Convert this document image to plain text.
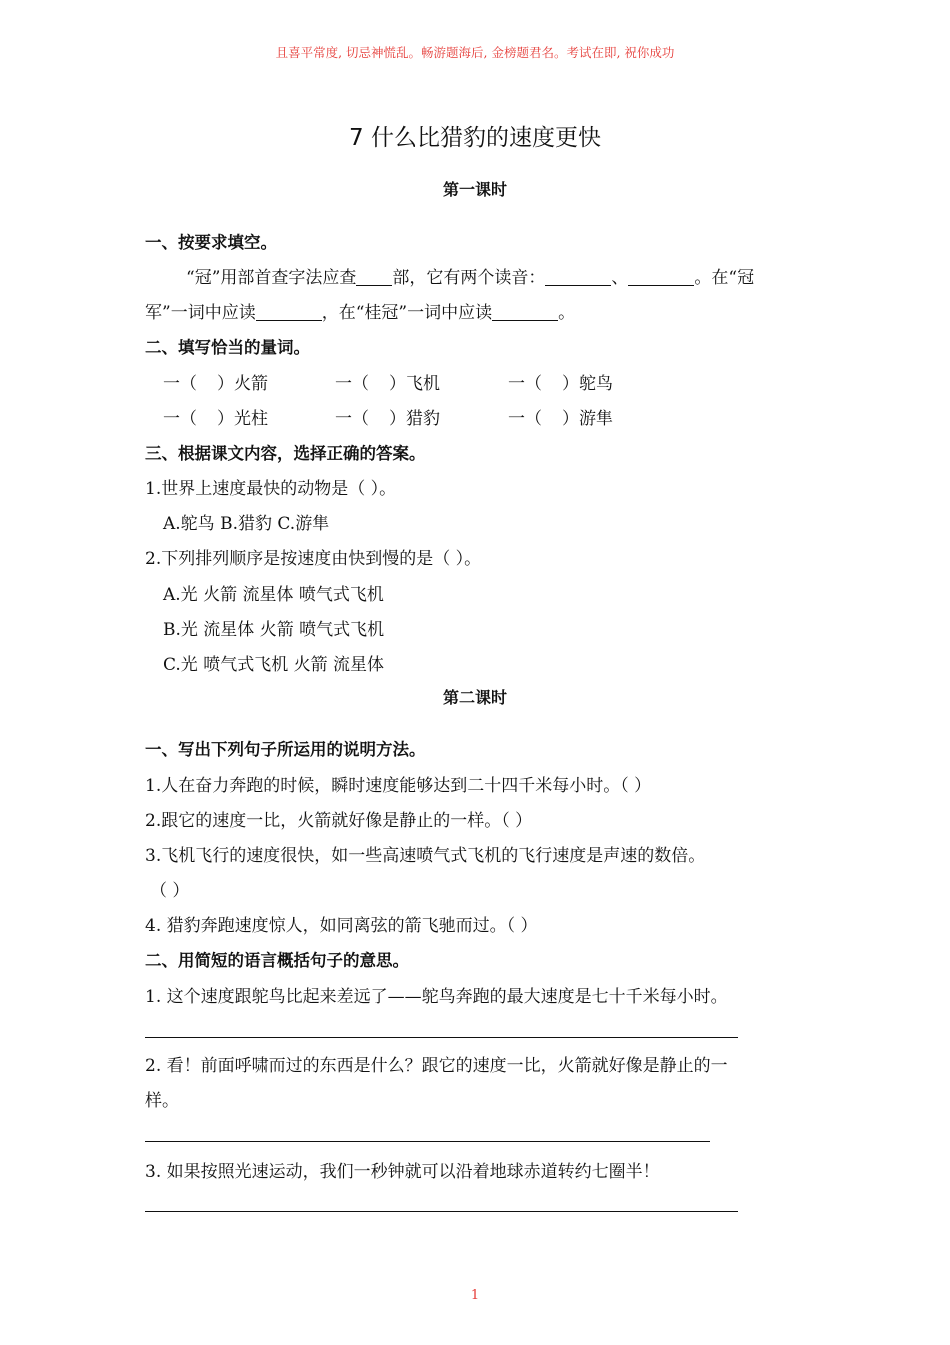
且喜平常度, 切忌神慌乱。畅游题海后, 金榜题君名。考试在即, 祝你成功
7 什么比猎豹的速度更快
第一课时
一、按要求填空。
“冠”用部首查字法应查 部，它有两个读音：	、	。在“冠
军”一词中应读	，在“桂冠”一词中应读	。
二、填写恰当的量词。
一（ ）火箭	一（ ）飞机	一（ ）鸵鸟
一（ ）光柱	一（ ）猎豹	一（ ）游隼
三、根据课文内容，选择正确的答案。
1.世界上速度最快的动物是（ ）。
A.鸵鸟 B.猎豹 C.游隼
2.下列排列顺序是按速度由快到慢的是（ ）。
A.光 火箭 流星体 喷气式飞机
B.光 流星体 火箭 喷气式飞机
C.光 喷气式飞机 火箭 流星体
第二课时
一、写出下列句子所运用的说明方法。
1.人在奋力奔跑的时候，瞬时速度能够达到二十四千米每小时。（ ）
2.跟它的速度一比，火箭就好像是静止的一样。（ ）
3.飞机飞行的速度很快，如一些高速喷气式飞机的飞行速度是声速的数倍。
（ ）
4. 猎豹奔跑速度惊人，如同离弦的箭飞驰而过。（ ）
二、用简短的语言概括句子的意思。
1. 这个速度跟鸵鸟比起来差远了——鸵鸟奔跑的最大速度是七十千米每小时。
2. 看！前面呼啸而过的东西是什么？跟它的速度一比，火箭就好像是静止的一
样。
3. 如果按照光速运动，我们一秒钟就可以沿着地球赤道转约七圈半！
1
